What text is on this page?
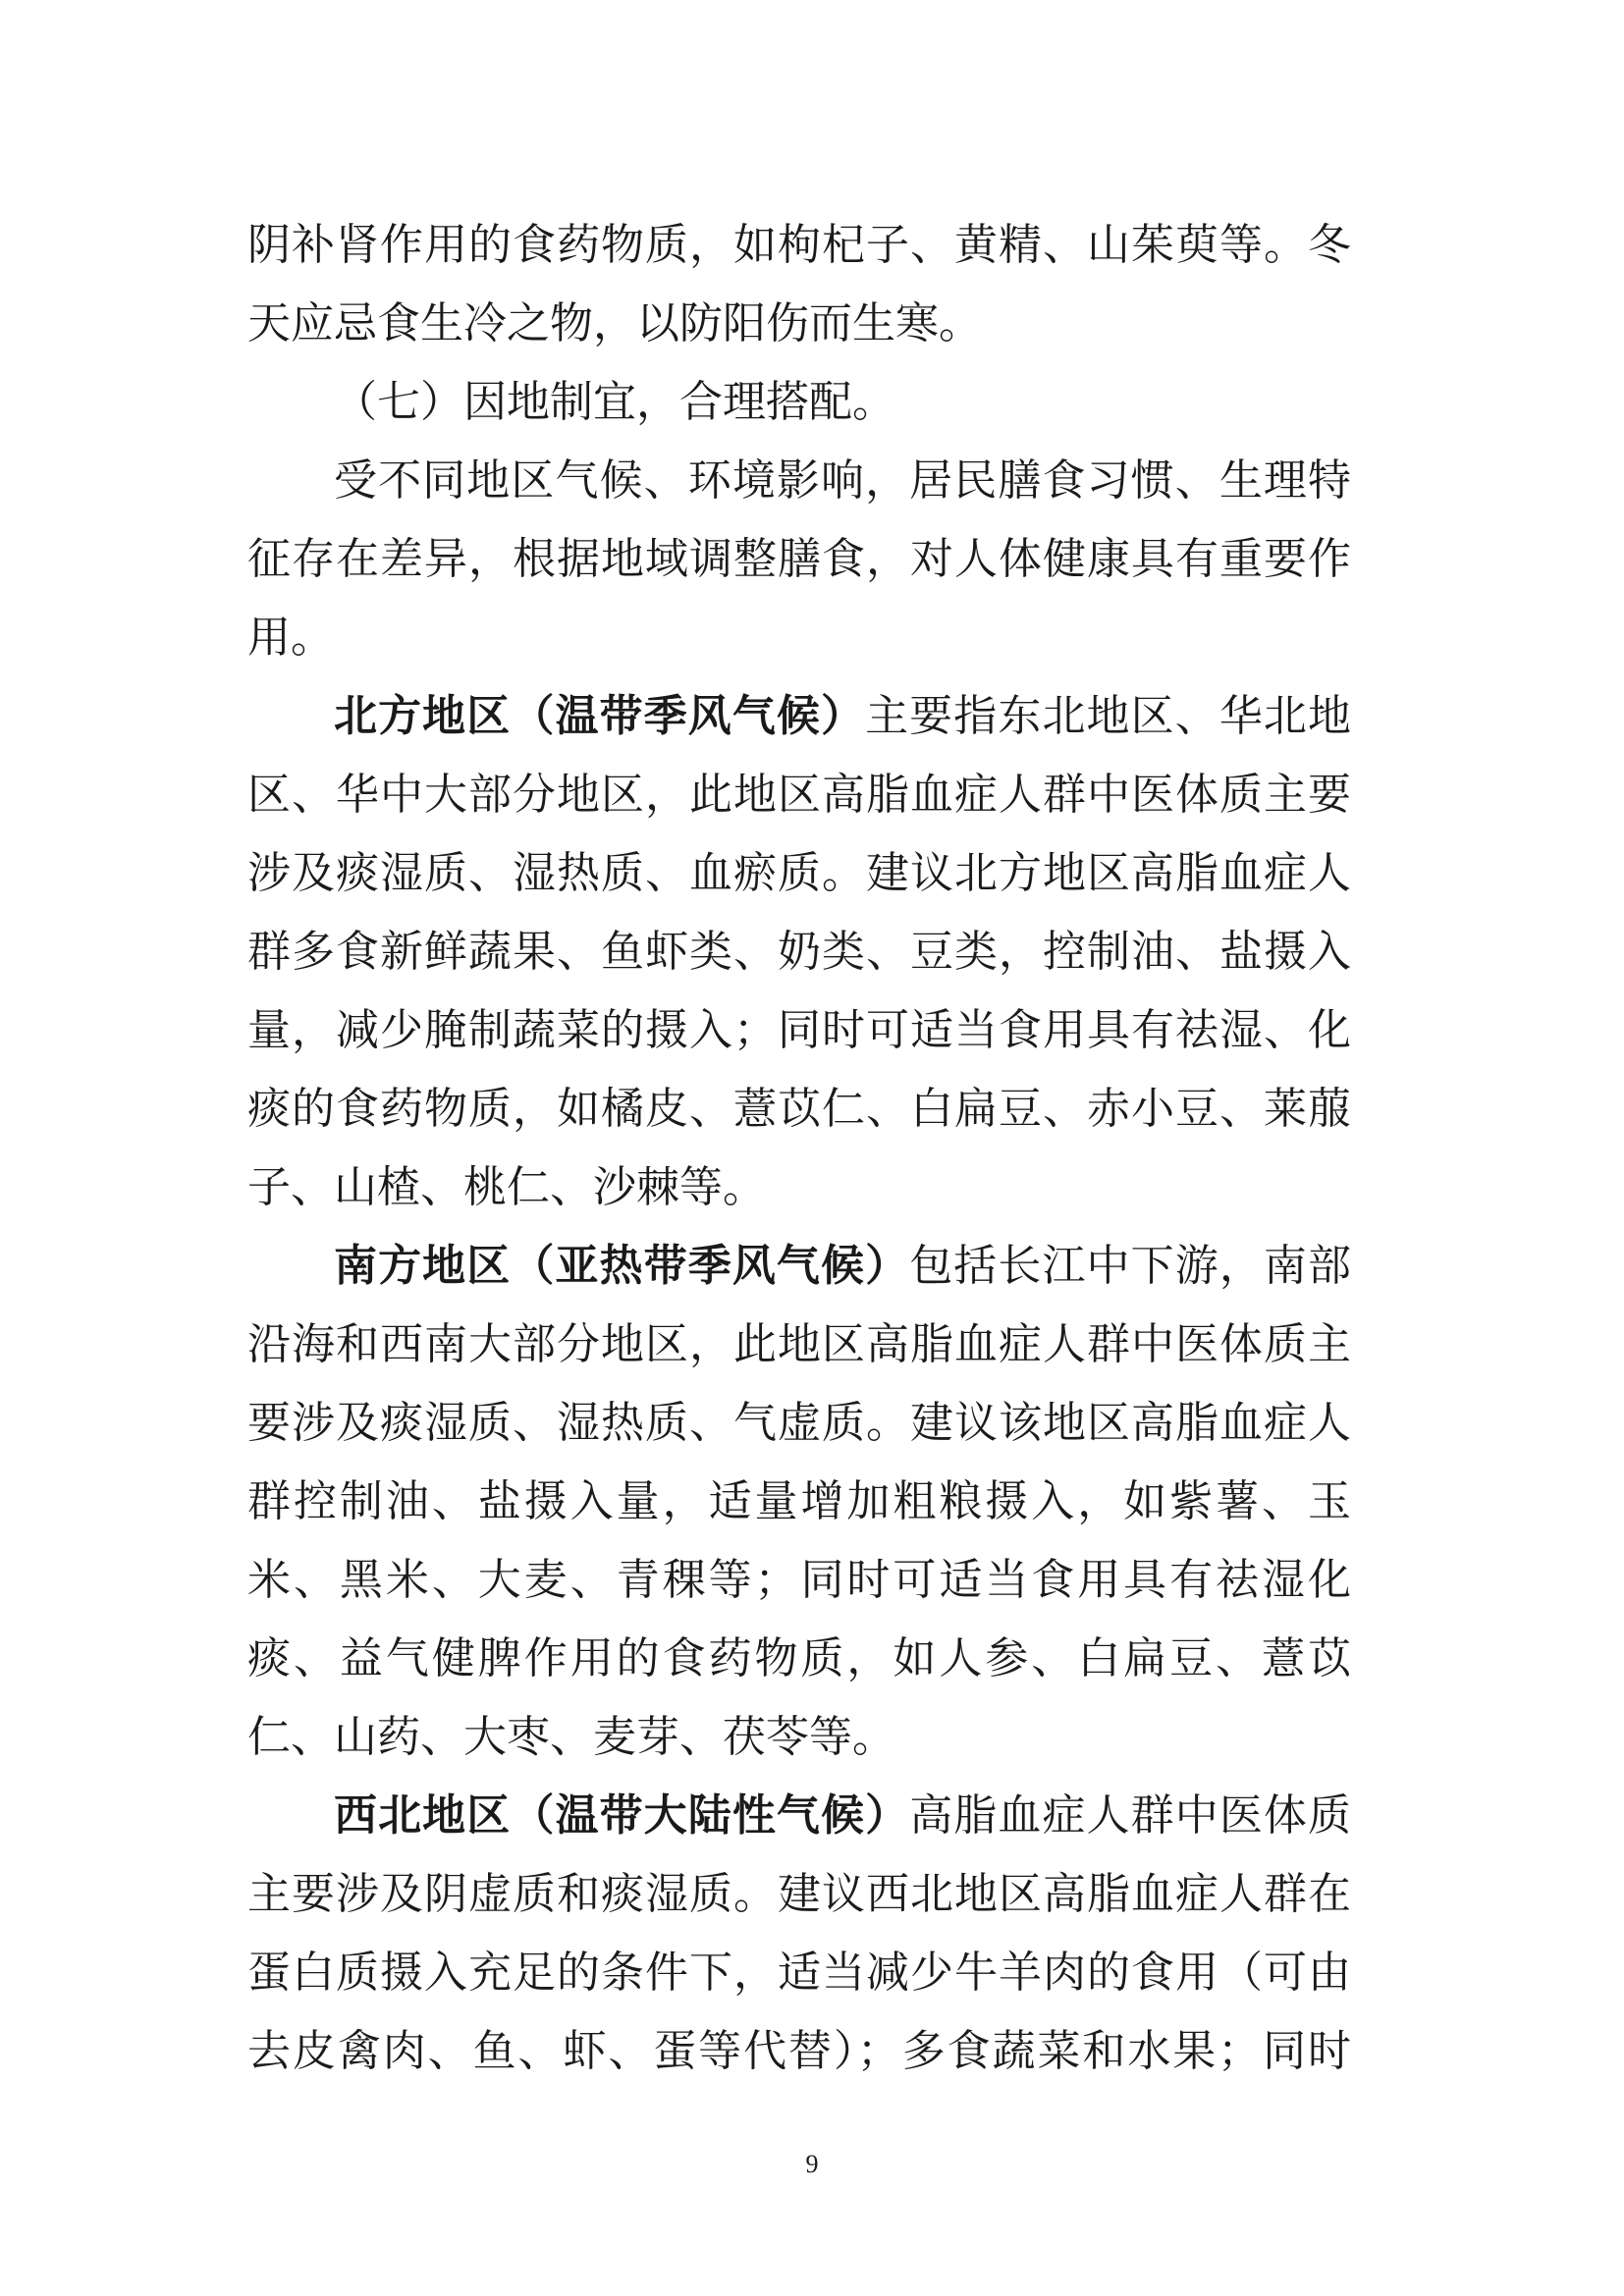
阴补肾作用的食药物质，如枸杞子、黄精、山茱萸等。冬
天应忌食生冷之物，以防阳伤而生寒。
（七）因地制宜，合理搭配。
受不同地区气候、环境影响，居民膳食习惯、生理特
征存在差异，根据地域调整膳食，对人体健康具有重要作
用。
北方地区（温带季风气候）主要指东北地区、华北地
区、华中大部分地区，此地区高脂血症人群中医体质主要
涉及痰湿质、湿热质、血瘀质。建议北方地区高脂血症人
群多食新鲜蔬果、鱼虾类、奶类、豆类，控制油、盐摄入
量，减少腌制蔬菜的摄入；同时可适当食用具有祛湿、化
痰的食药物质，如橘皮、薏苡仁、白扁豆、赤小豆、莱菔
子、山楂、桃仁、沙棘等。
南方地区（亚热带季风气候）包括长江中下游，南部
沿海和西南大部分地区，此地区高脂血症人群中医体质主
要涉及痰湿质、湿热质、气虚质。建议该地区高脂血症人
群控制油、盐摄入量，适量增加粗粮摄入，如紫薯、玉
米、黑米、大麦、青稞等；同时可适当食用具有祛湿化
痰、益气健脾作用的食药物质，如人参、白扁豆、薏苡
仁、山药、大枣、麦芽、茯苓等。
西北地区（温带大陆性气候）高脂血症人群中医体质
主要涉及阴虚质和痰湿质。建议西北地区高脂血症人群在
蛋白质摄入充足的条件下，适当减少牛羊肉的食用（可由
去皮禽肉、鱼、虾、蛋等代替）；多食蔬菜和水果；同时
9
